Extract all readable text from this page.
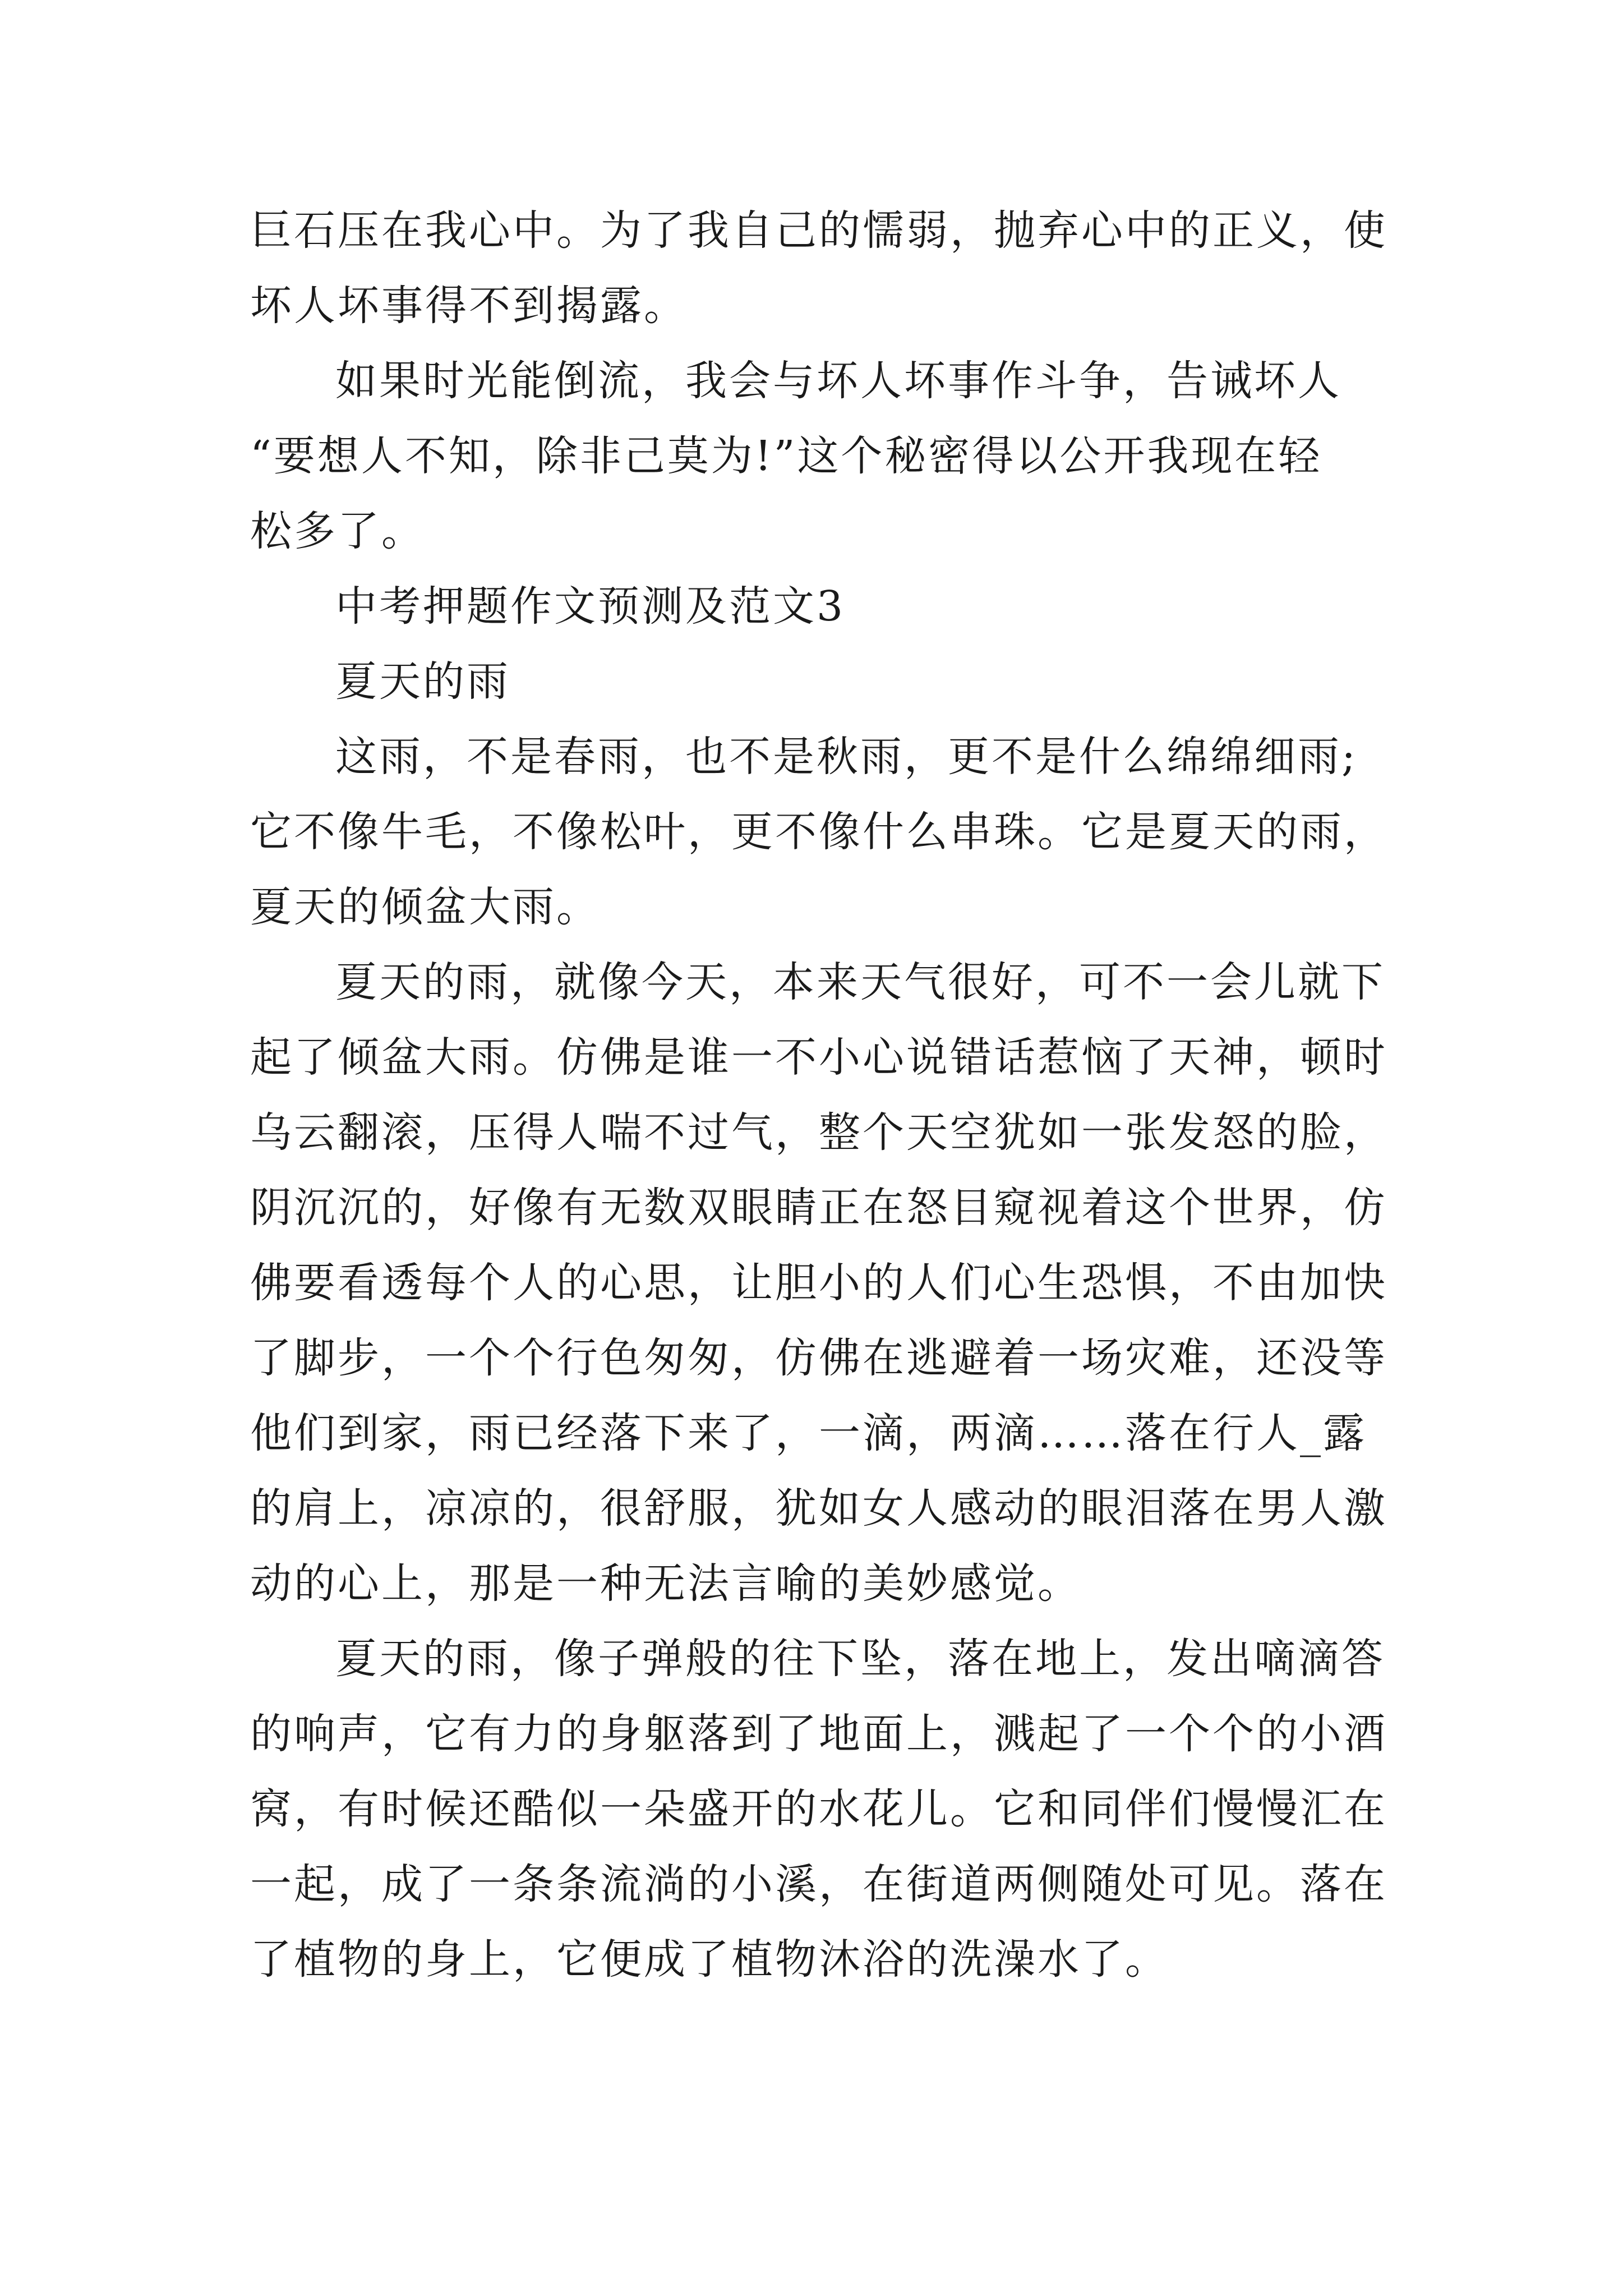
巨石压在我心中。为了我自己的懦弱，抛弃心中的正义，使
坏人坏事得不到揭露。
如果时光能倒流，我会与坏人坏事作斗争，告诫坏人
“要想人不知，除非己莫为!”这个秘密得以公开我现在轻
松多了。
中考押题作文预测及范文3
夏天的雨
这雨，不是春雨，也不是秋雨，更不是什么绵绵细雨;
它不像牛毛，不像松叶，更不像什么串珠。它是夏天的雨，
夏天的倾盆大雨。
夏天的雨，就像今天，本来天气很好，可不一会儿就下
起了倾盆大雨。仿佛是谁一不小心说错话惹恼了天神，顿时
乌云翻滚，压得人喘不过气，整个天空犹如一张发怒的脸，
阴沉沉的，好像有无数双眼睛正在怒目窥视着这个世界，仿
佛要看透每个人的心思，让胆小的人们心生恐惧，不由加快
了脚步，一个个行色匆匆，仿佛在逃避着一场灾难，还没等
他们到家，雨已经落下来了，一滴，两滴……落在行人_露
的肩上，凉凉的，很舒服，犹如女人感动的眼泪落在男人激
动的心上，那是一种无法言喻的美妙感觉。
夏天的雨，像子弹般的往下坠，落在地上，发出嘀滴答
的响声，它有力的身躯落到了地面上，溅起了一个个的小酒
窝，有时候还酷似一朵盛开的水花儿。它和同伴们慢慢汇在
一起，成了一条条流淌的小溪，在街道两侧随处可见。落在
了植物的身上，它便成了植物沐浴的洗澡水了。
